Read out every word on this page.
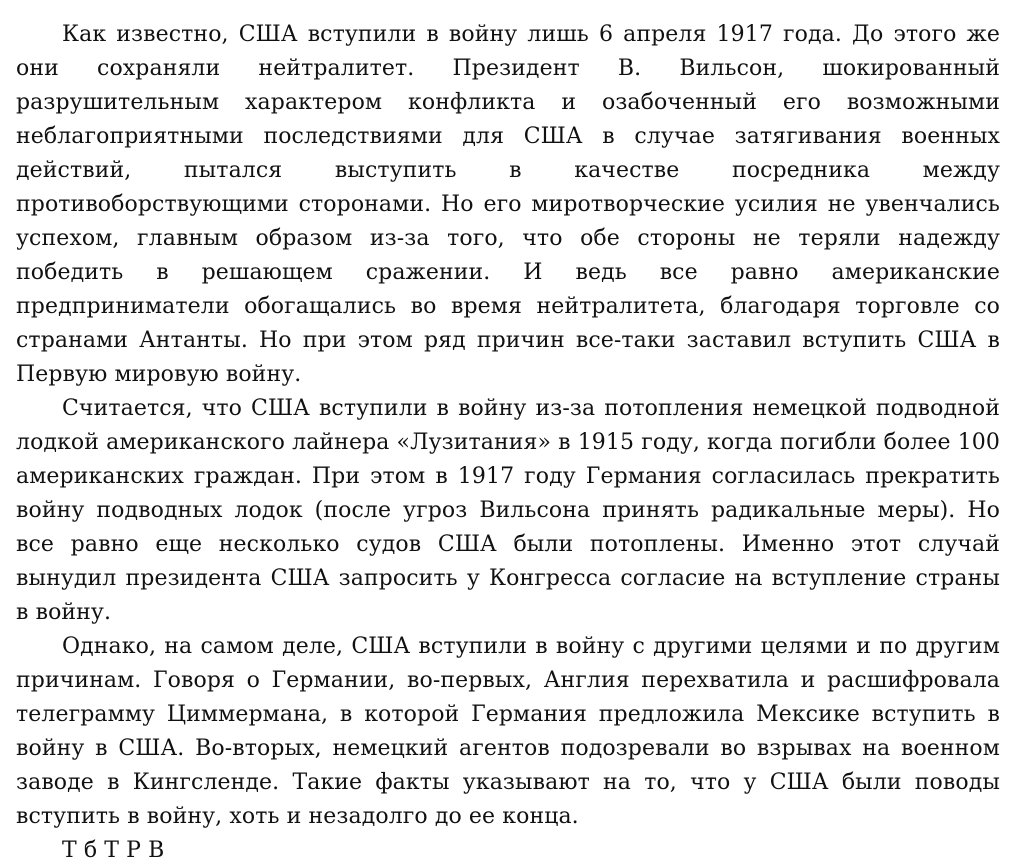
Как известно, США вступили в войну лишь 6 апреля 1917 года. До этого же они сохраняли нейтралитет. Президент В. Вильсон, шокированный разрушительным характером конфликта и озабоченный его возможными неблагоприятными последствиями для США в случае затягивания военных действий, пытался выступить в качестве посредника между противоборствующими сторонами. Но его миротворческие усилия не увенчались успехом, главным образом из-за того, что обе стороны не теряли надежду победить в решающем сражении. И ведь все равно американские предприниматели обогащались во время нейтралитета, благодаря торговле со странами Антанты. Но при этом ряд причин все-таки заставил вступить США в Первую мировую войну.

Считается, что США вступили в войну из-за потопления немецкой подводной лодкой американского лайнера «Лузитания» в 1915 году, когда погибли более 100 американских граждан. При этом в 1917 году Германия согласилась прекратить войну подводных лодок (после угроз Вильсона принять радикальные меры). Но все равно еще несколько судов США были потоплены. Именно этот случай вынудил президента США запросить у Конгресса согласие на вступление страны в войну.

Однако, на самом деле, США вступили в войну с другими целями и по другим причинам. Говоря о Германии, во-первых, Англия перехватила и расшифровала телеграмму Циммермана, в которой Германия предложила Мексике вступить в войну в США. Во-вторых, немецкий агентов подозревали во взрывах на военном заводе в Кингсленде. Такие факты указывают на то, что у США были поводы вступить в войну, хоть и незадолго до ее конца.

Т б Т Р В
